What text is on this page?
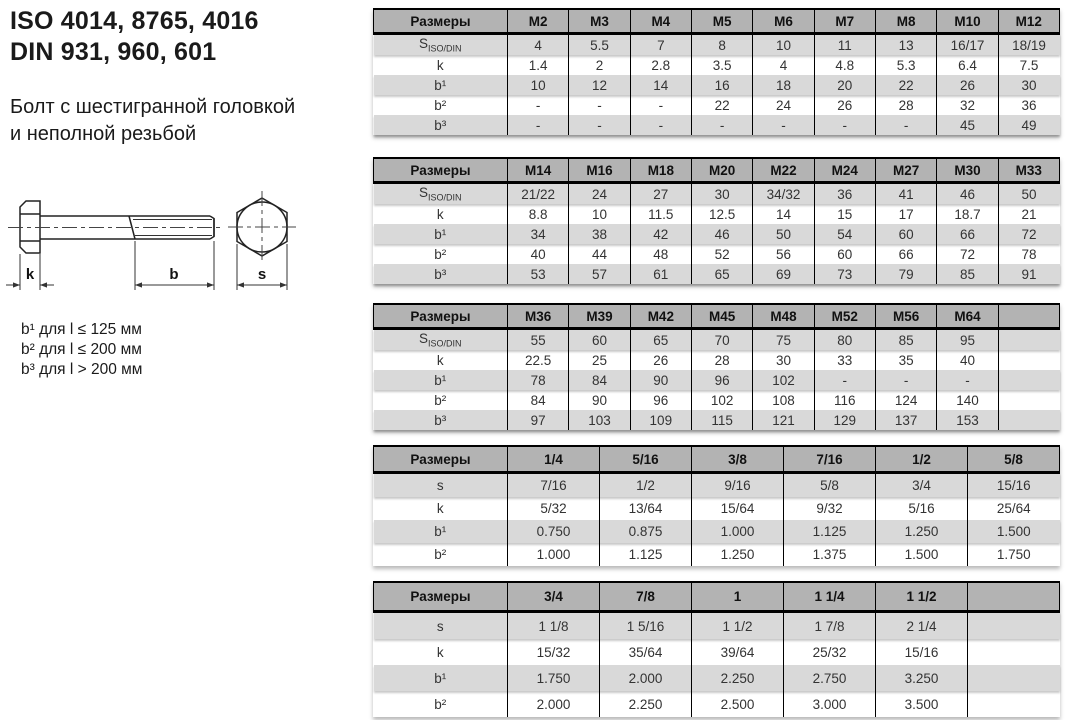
ISO 4014, 8765, 4016
DIN 931, 960, 601
Болт с шестигранной головкой
и неполной резьбой
k	b	s
b¹ для l ≤ 125 мм
b² для l ≤ 200 мм
b³ для l > 200 мм
Размеры	M2	M3	M4	M5	M6	M7	M8	M10	M12
$S_{ISO/DIN}$	4	5.5	7	8	10	11	13	16/17	18/19
k	1.4	2	2.8	3.5	4	4.8	5.3	6.4	7.5
b¹	10	12	14	16	18	20	22	26	30
b²	-	-	-	22	24	26	28	32	36
b³	-	-	-	-	-	-	-	45	49
Размеры	M14	M16	M18	M20	M22	M24	M27	M30	M33
$S_{ISO/DIN}$	21/22	24	27	30	34/32	36	41	46	50
k	8.8	10	11.5	12.5	14	15	17	18.7	21
b¹	34	38	42	46	50	54	60	66	72
b²	40	44	48	52	56	60	66	72	78
b³	53	57	61	65	69	73	79	85	91
Размеры	M36	M39	M42	M45	M48	M52	M56	M64	
$S_{ISO/DIN}$	55	60	65	70	75	80	85	95	
k	22.5	25	26	28	30	33	35	40	
b¹	78	84	90	96	102	-	-	-	
b²	84	90	96	102	108	116	124	140	
b³	97	103	109	115	121	129	137	153	
Размеры	1/4	5/16	3/8	7/16	1/2	5/8
s	7/16	1/2	9/16	5/8	3/4	15/16
k	5/32	13/64	15/64	9/32	5/16	25/64
b¹	0.750	0.875	1.000	1.125	1.250	1.500
b²	1.000	1.125	1.250	1.375	1.500	1.750
Размеры	3/4	7/8	1	1 1/4	1 1/2	
s	1 1/8	1 5/16	1 1/2	1 7/8	2 1/4	
k	15/32	35/64	39/64	25/32	15/16	
b¹	1.750	2.000	2.250	2.750	3.250	
b²	2.000	2.250	2.500	3.000	3.500	
